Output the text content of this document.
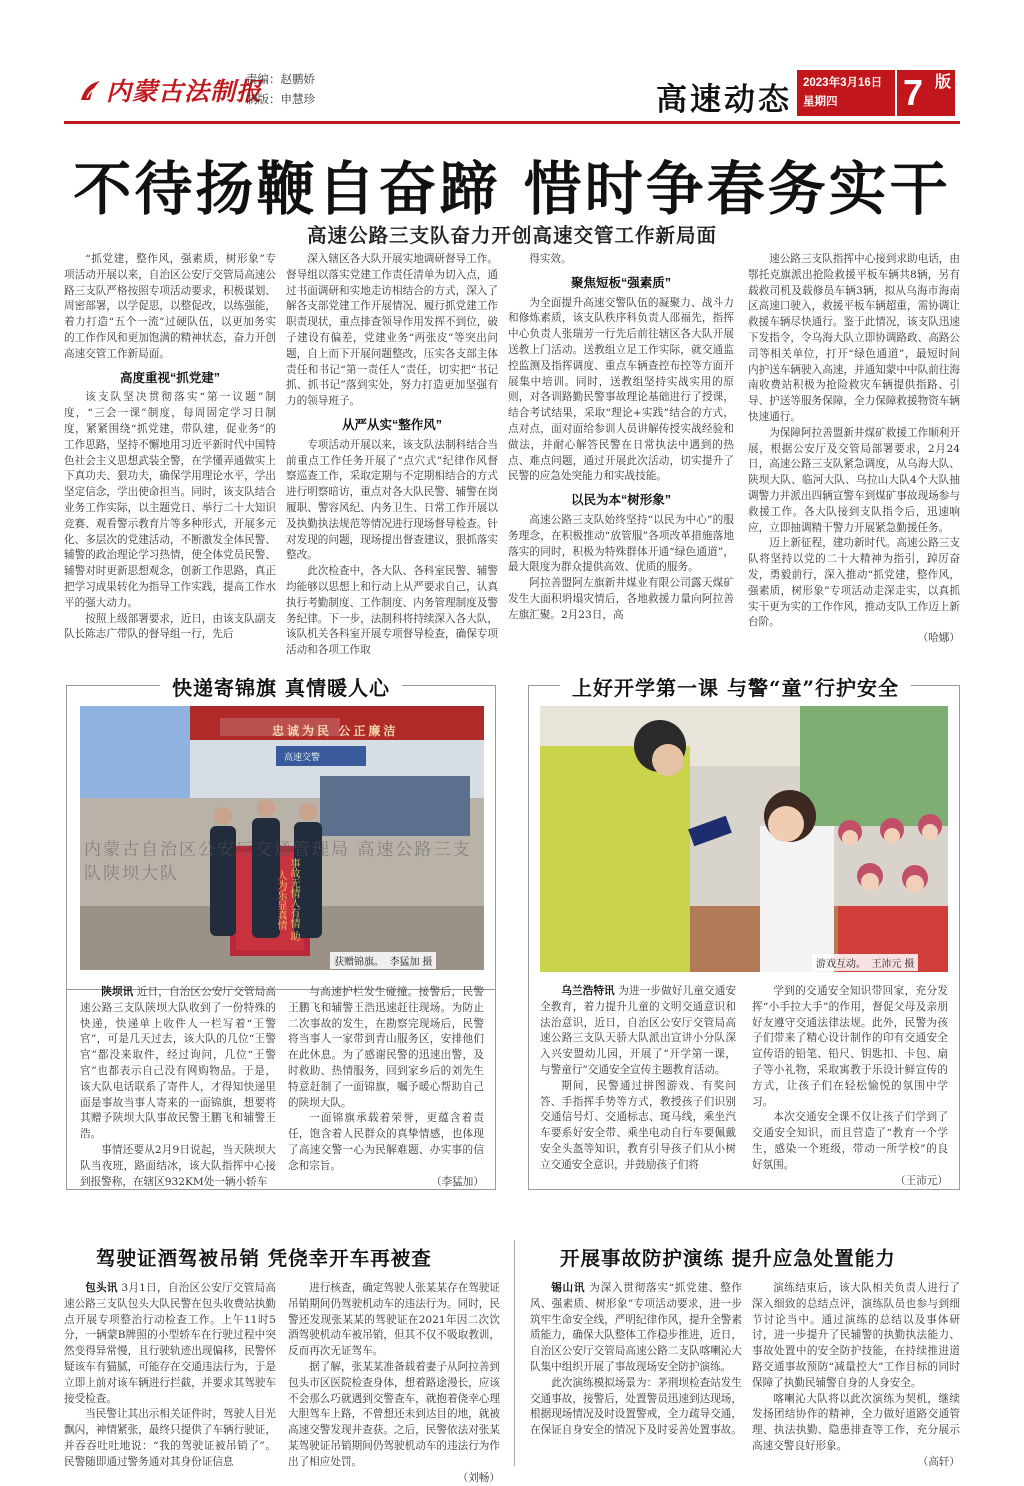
内蒙古法制报
责编：赵鹏娇
制版：申慧珍	高速动态 2023年3月16日
星期四	7 版
不待扬鞭自奋蹄 惜时争春务实干
高速公路三支队奋力开创高速交管工作新局面

“抓党建，整作风，强素质，树形象”专项活动开展以来，自治区公安厅交管局高速公路三支队严格按照专项活动要求，积极谋划、周密部署，以学促思，以整促改，以练强能，着力打造“五个一流”过硬队伍，以更加务实的工作作风和更加饱满的精神状态，奋力开创高速交管工作新局面。

高度重视“抓党建”

该支队坚决贯彻落实“第一议题”制度，“三会一课”制度，每周固定学习日制度，紧紧围绕“抓党建，带队建，促业务”的工作思路，坚持不懈地用习近平新时代中国特色社会主义思想武装全警，在学懂弄通做实上下真功夫、狠功夫，确保学用理论水平，学出坚定信念，学出使命担当。同时，该支队结合业务工作实际，以主题党日、举行二十大知识竞赛、观看警示教育片等多种形式，开展多元化、多层次的党建活动，不断激发全体民警、辅警的政治理论学习热情，使全体党员民警、辅警对时更新思想观念，创新工作思路，真正把学习成果转化为指导工作实践，提高工作水平的强大动力。

按照上级部署要求，近日，由该支队副支队长陈志广带队的督导组一行，先后

深入辖区各大队开展实地调研督导工作。督导组以落实党建工作责任清单为切入点，通过书面调研和实地走访相结合的方式，深入了解各支部党建工作开展情况、履行抓党建工作职责现状，重点排查领导作用发挥不到位，破子建设有偏差，党建业务“两张皮”等突出问题，自上而下开展问题整改，压实各支部主体责任和书记“第一责任人”责任，切实把“书记抓、抓书记”落到实处，努力打造更加坚强有力的领导班子。

从严从实“整作风”

专项活动开展以来，该支队法制科结合当前重点工作任务开展了“点穴式”纪律作风督察巡查工作，采取定期与不定期相结合的方式进行明察暗访，重点对各大队民警、辅警在岗履职、警容风纪、内务卫生、日常工作开展以及执勤执法规范等情况进行现场督导检查。针对发现的问题，现场提出督查建议，狠抓落实整改。

此次检查中，各大队、各科室民警、辅警均能够以思想上和行动上从严要求自己，认真执行考勤制度、工作制度、内务管理制度及警务纪律。下一步，法制科将持续深入各大队，该队机关各科室开展专项督导检查，确保专项活动和各项工作取

得实效。

聚焦短板“强素质”

为全面提升高速交警队伍的凝聚力、战斗力和修炼素质，该支队秩序科负责人邵福先，指挥中心负责人张瑞芳一行先后前往辖区各大队开展送教上门活动。送教组立足工作实际，就交通监控监测及指挥调度、重点车辆查控布控等方面开展集中培训。同时，送教组坚持实战实用的原则，对各训路勤民警事故理论基础进行了授课，结合考试结果，采取“理论+实践”结合的方式，点对点，面对面给参训人员讲解传授实战经验和做法，并耐心解答民警在日常执法中遇到的热点、难点问题，通过开展此次活动，切实提升了民警的应急处突能力和实战技能。

以民为本“树形象”

高速公路三支队始终坚持“以民为中心”的服务理念，在积极推动“放管服”各项改革措施落地落实的同时，积极为特殊群体开通“绿色通道”，最大限度为群众提供高效、优质的服务。

阿拉善盟阿左旗新井煤业有限公司露天煤矿发生大面积坍塌灾情后，各地救援力量向阿拉善左旗汇聚。2月23日，高

速公路三支队指挥中心接到求助电话，由鄂托克旗派出抢险救援平板车辆共8辆，另有载救司机及载修员车辆3辆，拟从乌海市海南区高速口驶入，救援平板车辆超重，需协调让救援车辆尽快通行。鉴于此情况，该支队迅速下发指令，令乌海大队立即协调路政、高路公司等相关单位，打开“绿色通道”，最短时间内护送车辆驶入高速，并通知蒙中中队前往海南收费站积极为抢险救灾车辆提供指路、引导、护送等服务保障，全力保障救援物资车辆快速通行。

为保障阿拉善盟新井煤矿救援工作顺利开展，根据公安厅及交管局部署要求，2月24日，高速公路三支队紧急调度，从乌海大队、陕坝大队、临河大队、乌拉山大队4个大队抽调警力并派出四辆宣警车到煤矿事故现场参与救援工作。各大队接到支队指令后，迅速响应，立即抽调精干警力开展紧急勤援任务。

迈上新征程，建功新时代。高速公路三支队将坚持以党的二十大精神为指引，踔厉奋发，勇毅前行，深入推动“抓党建，整作风，强素质，树形象”专项活动走深走实，以真抓实干更为实的工作作风，推动支队工作迈上新台阶。

（哈娜）

快递寄锦旗 真情暖人心
忠诚为民 公正廉洁
高速交警
内蒙古自治区公安厅交通管理局 高速公路三支队陕坝大队	事故无情人有情 助人为乐显真情
获赠锦旗。 李猛加 摄

陕坝讯 近日，自治区公安厅交管局高速公路三支队陕坝大队收到了一份特殊的快递，快递单上收件人一栏写着“王警官”，可是几天过去，该大队的几位“王警官”都没来取件，经过询问，几位“王警官”也都表示自己没有网购物品。于是，该大队电话联系了寄件人，才得知快递里面是事故当事人寄来的一面锦旗，想要将其赠予陕坝大队事故民警王鹏飞和辅警王浩。

事情还要从2月9日说起，当天陕坝大队当夜班，路面结冰，该大队指挥中心接到报警称，在辖区932KM处一辆小轿车

与高速护栏发生碰撞。接警后，民警王鹏飞和辅警王浩迅速赶往现场。为防止二次事故的发生，在勘察完现场后，民警将当事人一家带到青山服务区，安排他们在此休息。为了感谢民警的迅速出警，及时救助、热情服务，回到家乡后的刘先生特意赶制了一面锦旗，嘱予暖心帮助自己的陕坝大队。

一面锦旗承载着荣誉，更蕴含着责任，饱含着人民群众的真挚情感，也体现了高速交警一心为民解难题、办实事的信念和宗旨。

（李猛加）

上好开学第一课 与警“童”行护安全
游戏互动。 王沛元 摄

乌兰浩特讯 为进一步做好儿童交通安全教育，着力提升儿童的文明交通意识和法治意识，近日，自治区公安厅交管局高速公路三支队天骄大队派出宣讲小分队深入兴安盟幼儿园，开展了“开学第一课，与警童行”交通安全宣传主题教育活动。

期间，民警通过拼图游戏、有奖问答、手指挥手势等方式，教授孩子们识别交通信号灯、交通标志、斑马线，乘坐汽车要系好安全带、乘坐电动自行车要佩戴安全头盔等知识，教育引导孩子们从小树立交通安全意识，并鼓励孩子们将

学到的交通安全知识带回家，充分发挥“小手拉大手”的作用，督促父母及亲朋好友遵守交通法律法规。此外，民警为孩子们带来了精心设计制作的印有交通安全宣传语的铅笔、铅尺、钥匙扣、卡包、扇子等小礼物，采取寓教于乐设计鲜宣传的方式，让孩子们在轻松愉悦的氛围中学习。

本次交通安全课不仅让孩子们学到了交通安全知识，而且营造了“教育一个学生，感染一个班级，带动一所学校”的良好氛围。

（王沛元）

驾驶证酒驾被吊销 凭侥幸开车再被查

包头讯 3月1日，自治区公安厅交管局高速公路三支队包头大队民警在包头收费站执勤点开展专项整治行动检查工作。上午11时5分，一辆蒙B牌照的小型轿车在行驶过程中突然变得异常慢，且行驶轨迹出现偏移，民警怀疑该车有猫腻，可能存在交通违法行为，于是立即上前对该车辆进行拦截，并要求其驾驶车接受检查。

当民警让其出示相关证件时，驾驶人目光飘闪，神情紧张，最终只提供了车辆行驶证，并吞吞吐吐地说：“我的驾驶证被吊销了”。民警随即通过警务通对其身份证信息

进行核查，确定驾驶人张某某存在驾驶证吊销期间仍驾驶机动车的违法行为。同时，民警还发现张某某的驾驶证在2021年因二次饮酒驾驶机动车被吊销，但其不仅不吸取教训，反而再次无证驾车。

据了解，张某某准备载着妻子从阿拉善到包头市区医院检查身体，想着路途漫长，应该不会那么巧就遇到交警查车，就抱着侥幸心理大胆驾车上路，不曾想还未到达目的地，就被高速交警发现并查获。之后，民警依法对张某某驾驶证吊销期间仍驾驶机动车的违法行为作出了相应处罚。

（刘畅）

开展事故防护演练 提升应急处置能力

锡山讯 为深入贯彻落实“抓党建、整作风、强素质、树形象”专项活动要求，进一步筑牢生命安全线，严明纪律作风，提升全警素质能力，确保大队整体工作稳步推进，近日，自治区公安厅交管局高速公路二支队喀喇沁大队集中组织开展了事故现场安全防护演练。

此次演练模拟场景为：茅荆坝检查站发生交通事故，接警后，处置警员迅速到达现场，根据现场情况及时设置警戒，全力疏导交通，在保证自身安全的情况下及时妥善处置事故。

演练结束后，该大队相关负责人进行了深入细致的总结点评，演练队员也参与到细节讨论当中。通过演练的总结以及事体研讨，进一步提升了民辅警的执勤执法能力、事故处置中的安全防护技能，在持续推进道路交通事故预防“减量控大”工作目标的同时保障了执勤民辅警自身的人身安全。

喀喇沁大队将以此次演练为契机，继续发扬团结协作的精神，全力做好道路交通管理、执法执勤、隐患排查等工作，充分展示高速交警良好形象。

（高轩）
